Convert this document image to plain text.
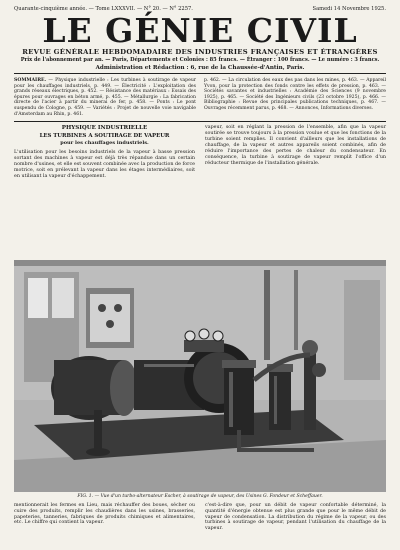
Quarante-cinquième année. — Tome LXXXVII. — N° 20. — N° 2257.	Samedi 14 Novembre 1925.
LE GÉNIE CIVIL
REVUE GÉNÉRALE HEBDOMADAIRE DES INDUSTRIES FRANÇAISES ET ÉTRANGÈRES
Prix de l'abonnement par an. — Paris, Départements et Colonies : 85 francs. — Étranger : 100 francs. — Le numéro : 3 francs.
Administration et Rédaction : 6, rue de la Chaussée-d'Antin, Paris.
SOMMAIRE. — Physique industrielle : Les turbines à soutirage de vapeur pour les chauffages industriels, p. 449. — Électricité : L'exploitation des grands réseaux électriques, p. 452. — Résistance des matériaux : Essais des épures pour ouvrages en béton armé, p. 455. — Métallurgie : La fabrication directe de l'acier à partir du minerai de fer, p. 458. — Ponts : Le pont suspendu de Cologne, p. 459. — Variétés : Projet de nouvelle voie navigable d'Amsterdam au Rhin, p. 461.
p. 462. — La circulation des eaux des pas dans les mines, p. 463. — Appareil Yvon, pour la protection des fonds contre les effets de pression, p. 463. — Sociétés savantes et industrielles : Académie des Sciences (9 novembre 1925), p. 465. — Société des Ingénieurs civils (23 octobre 1925), p. 466. — Bibliographie : Revue des principales publications techniques, p. 467. — Ouvrages récemment parus, p. 468. — Annonces, Informations diverses.
PHYSIQUE INDUSTRIELLE
LES TURBINES A SOUTIRAGE DE VAPEUR
pour les chauffages industriels.
L'utilisation pour les besoins industriels de la vapeur à basse pression sortant des machines à vapeur est déjà très répandue dans un certain nombre d'usines, et elle est souvent combinée avec la production de force motrice, soit en prélevant la vapeur dans les étages intermédiaires, soit en utilisant la vapeur d'échappement.
vapeur, soit en réglant la pression de l'ensemble, afin que la vapeur soutirée se trouve toujours à la pression voulue et que les fonctions de la turbine soient remplies. Il convient d'ailleurs que les installations de chauffage, de la vapeur et autres appareils soient combinés, afin de réduire l'importance des pertes de chaleur du condensateur. En conséquence, la turbine à soutirage de vapeur remplit l'office d'un réducteur thermique de l'installation générale.
FIG. 1. — Vue d'un turbo-alternateur Escher, à soutirage de vapeur, des Usines G. Fondeur et Scheffauer.
mentionnerait les fermes en Lieu, mais réchauffer des boues, sécher ou cuire des produits, remplir les chaudières dans les usines, brasseries, papeteries, tanneries, fabriques de produits chimiques et alimentaires, etc. Le chiffre qui contient la vapeur.
c'est-à-dire que, pour un débit de vapeur confortable déterminé, la quantité d'énergie obtenue est plus grande que pour le même débit de vapeur de condensation. La distribution du régime de la vapeur, ou des turbines à soutirage de vapeur, pendant l'utilisation du chauffage de la vapeur.
